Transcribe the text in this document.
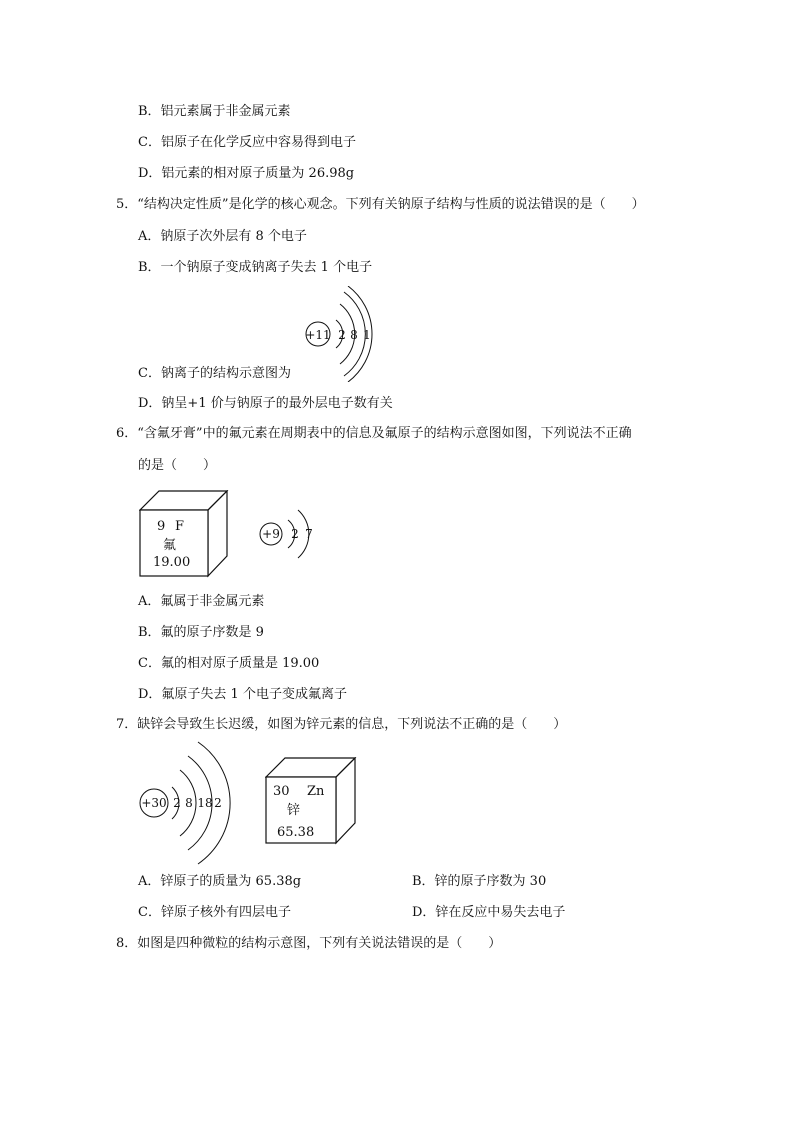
B．铝元素属于非金属元素
C．铝原子在化学反应中容易得到电子
D．铝元素的相对原子质量为 26.98g
5．“结构决定性质”是化学的核心观念。下列有关钠原子结构与性质的说法错误的是（　　）
A．钠原子次外层有 8 个电子
B．一个钠原子变成钠离子失去 1 个电子
+11 2 8 1
C．钠离子的结构示意图为
D．钠呈+1 价与钠原子的最外层电子数有关
6．“含氟牙膏”中的氟元素在周期表中的信息及氟原子的结构示意图如图，下列说法不正确
的是（　　）
9 F
氟
19.00
+9 2 7
A．氟属于非金属元素
B．氟的原子序数是 9
C．氟的相对原子质量是 19.00
D．氟原子失去 1 个电子变成氟离子
7．缺锌会导致生长迟缓，如图为锌元素的信息，下列说法不正确的是（　　）
+30 2 8 18 2
30 Zn
锌
65.38
A．锌原子的质量为 65.38g	B．锌的原子序数为 30
C．锌原子核外有四层电子	D．锌在反应中易失去电子
8．如图是四种微粒的结构示意图，下列有关说法错误的是（　　）
